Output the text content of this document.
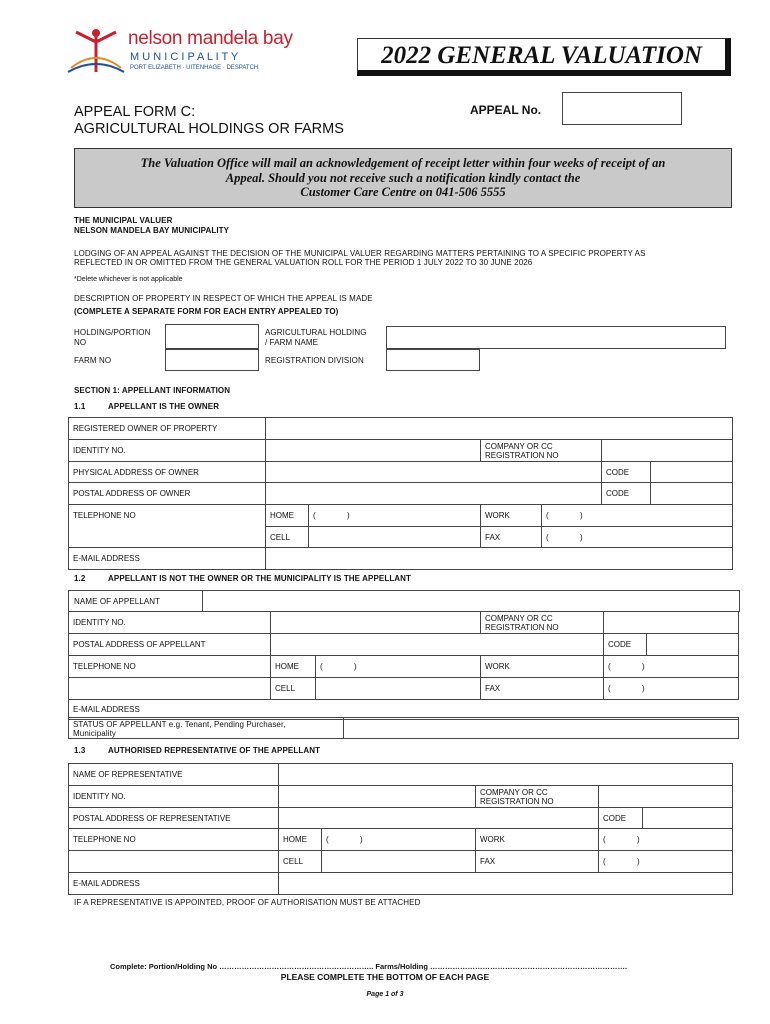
nelson mandela bay
M U N I C I P A L I T Y
PORT ELIZABETH · UITENHAGE · DESPATCH	2022 GENERAL VALUATION
APPEAL FORM C:
AGRICULTURAL HOLDINGS OR FARMS
APPEAL No.
The Valuation Office will mail an acknowledgement of receipt letter within four weeks of receipt of an
Appeal. Should you not receive such a notification kindly contact the
Customer Care Centre on 041-506 5555
THE MUNICIPAL VALUER
NELSON MANDELA BAY MUNICIPALITY
LODGING OF AN APPEAL AGAINST THE DECISION OF THE MUNICIPAL VALUER REGARDING MATTERS PERTAINING TO A SPECIFIC PROPERTY AS
REFLECTED IN OR OMITTED FROM THE GENERAL VALUATION ROLL FOR THE PERIOD 1 JULY 2022 TO 30 JUNE 2026
*Delete whichever is not applicable
DESCRIPTION OF PROPERTY IN RESPECT OF WHICH THE APPEAL IS MADE
(COMPLETE A SEPARATE FORM FOR EACH ENTRY APPEALED TO)
HOLDING/PORTION
NO
AGRICULTURAL HOLDING
/ FARM NAME
FARM NO	REGISTRATION DIVISION
SECTION 1: APPELLANT INFORMATION
1.1	APPELLANT IS THE OWNER
REGISTERED OWNER OF PROPERTY						
IDENTITY NO.			COMPANY OR CC
REGISTRATION NO			

PHYSICAL ADDRESS OF OWNER					CODE	
POSTAL ADDRESS OF OWNER					CODE	
TELEPHONE NO	HOME	( )	WORK	( )		
	CELL		FAX	( )		
E-MAIL ADDRESS						
1.2	APPELLANT IS NOT THE OWNER OR THE MUNICIPALITY IS THE APPELLANT
NAME OF APPELLANT
IDENTITY NO.			COMPANY OR CC
REGISTRATION NO		

POSTAL ADDRESS OF APPELLANT				CODE	
TELEPHONE NO	HOME	( )	WORK	( )	
	CELL		FAX	( )	
E-MAIL ADDRESS					
STATUS OF APPELLANT e.g. Tenant, Pending Purchaser,
Municipality
1.3	AUTHORISED REPRESENTATIVE OF THE APPELLANT
NAME OF REPRESENTATIVE					
IDENTITY NO.			COMPANY OR CC
REGISTRATION NO		

POSTAL ADDRESS OF REPRESENTATIVE				CODE	
TELEPHONE NO	HOME	( )	WORK	( )	
	CELL		FAX	( )	
E-MAIL ADDRESS					
IF A REPRESENTATIVE IS APPOINTED, PROOF OF AUTHORISATION MUST BE ATTACHED
Complete: Portion/Holding No …………………………………………………….. Farms/Holding …………………………………………………………………….
PLEASE COMPLETE THE BOTTOM OF EACH PAGE
Page 1 of 3
